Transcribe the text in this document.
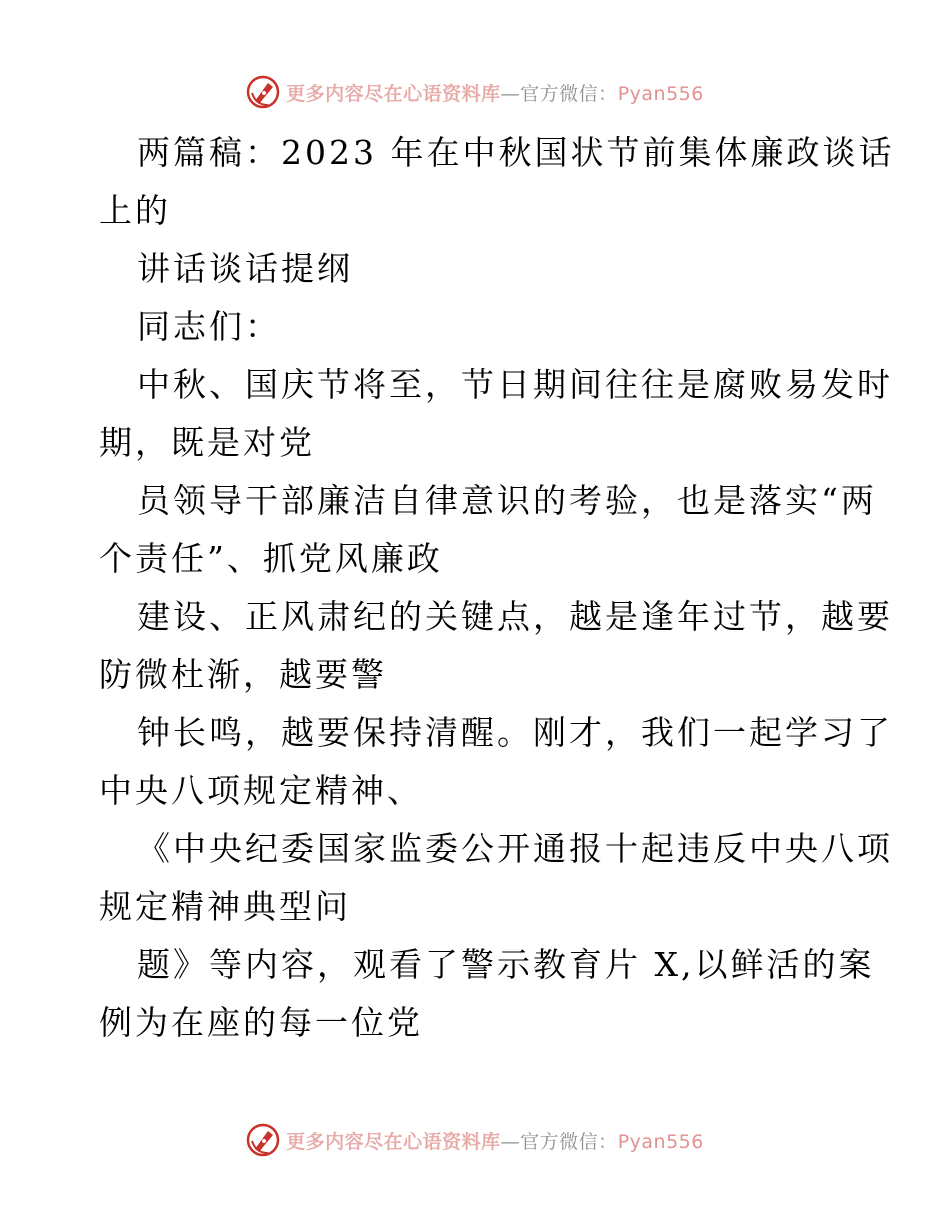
更多内容尽在心语资料库—官方微信：Pyan556
两篇稿：2023 年在中秋国状节前集体廉政谈话
上的
讲话谈话提纲
同志们：
中秋、国庆节将至，节日期间往往是腐败易发时
期，既是对党
员领导干部廉洁自律意识的考验，也是落实“两
个责任”、抓党风廉政
建设、正风肃纪的关键点，越是逢年过节，越要
防微杜渐，越要警
钟长鸣，越要保持清醒。刚才，我们一起学习了
中央八项规定精神、
《中央纪委国家监委公开通报十起违反中央八项
规定精神典型问
题》等内容，观看了警示教育片 X,以鲜活的案
例为在座的每一位党
更多内容尽在心语资料库—官方微信：Pyan556
